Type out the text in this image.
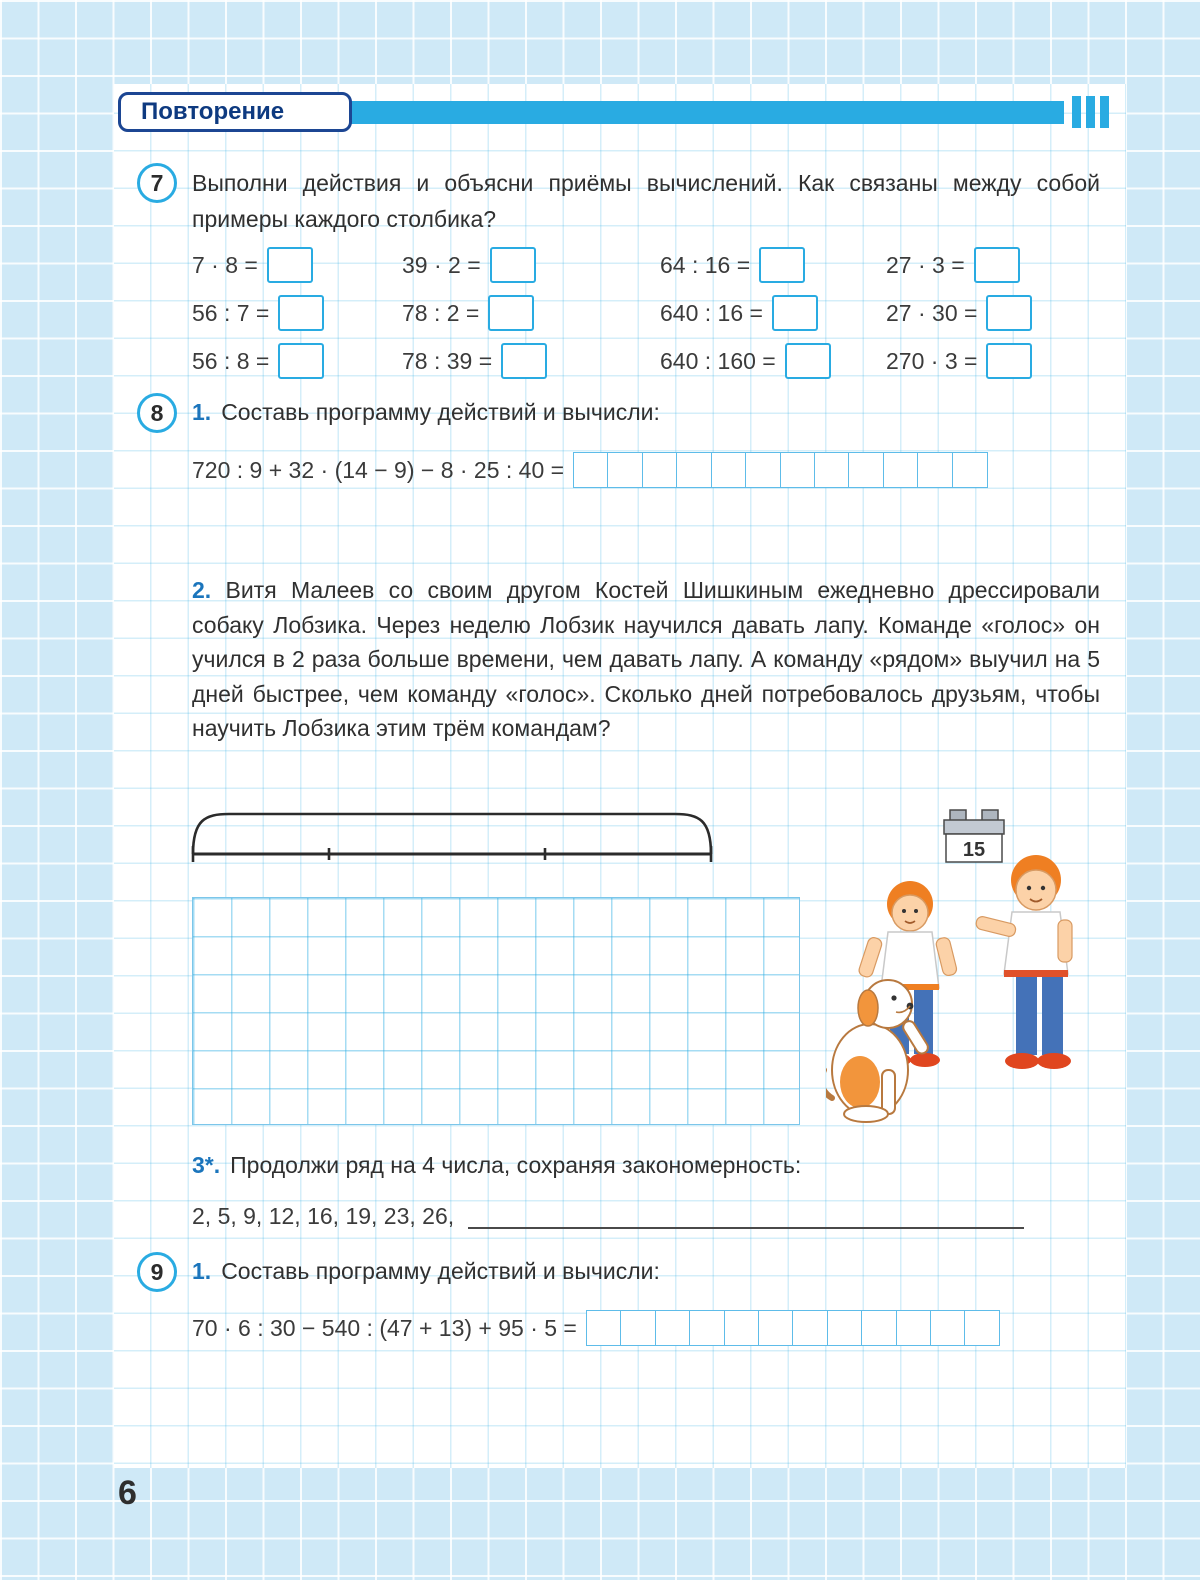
Повторение
7 Выполни действия и объясни приёмы вычислений. Как связаны между собой примеры каждого столбика?
7 · 8 =	39 · 2 =	64 : 16 =	27 · 3 =
56 : 7 =	78 : 2 =	640 : 16 =	27 · 30 =
56 : 8 =	78 : 39 =	640 : 160 =	270 · 3 =
8 1. Составь программу действий и вычисли:
720 : 9 + 32 · (14 − 9) − 8 · 25 : 40 =
2. Витя Малеев со своим другом Костей Шишкиным ежедневно дрессировали собаку Лобзика. Через неделю Лобзик научился давать лапу. Команде «голос» он учился в 2 раза больше времени, чем давать лапу. А команду «рядом» выучил на 5 дней быстрее, чем команду «голос». Сколько дней потребовалось друзьям, чтобы научить Лобзика этим трём командам?
15
3*. Продолжи ряд на 4 числа, сохраняя закономерность:
2, 5, 9, 12, 16, 19, 23, 26,
9 1. Составь программу действий и вычисли:
70 · 6 : 30 − 540 : (47 + 13) + 95 · 5 =
6
